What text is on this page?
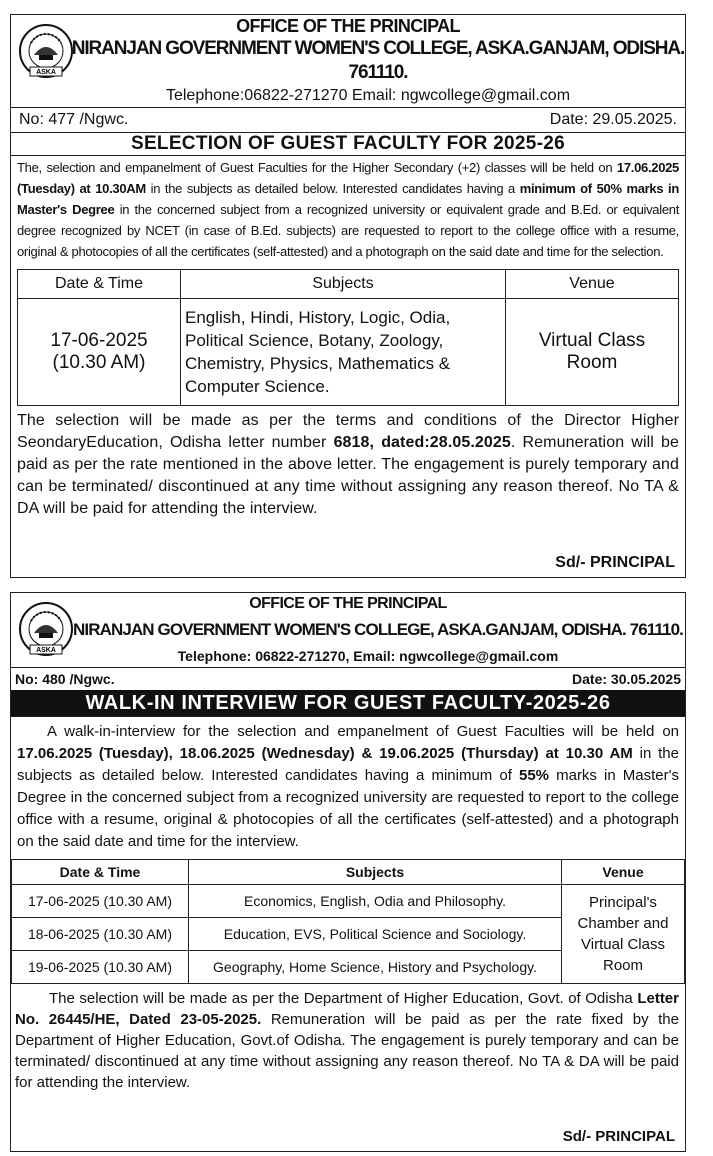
ASKA
OFFICE OF THE PRINCIPAL
NIRANJAN GOVERNMENT WOMEN'S COLLEGE, ASKA.GANJAM, ODISHA. 761110.
Telephone:06822-271270 Email: ngwcollege@gmail.com
No: 477 /Ngwc.	Date: 29.05.2025.
SELECTION OF GUEST FACULTY FOR 2025-26

The, selection and empanelment of Guest Faculties for the Higher Secondary (+2) classes will be held on 17.06.2025 (Tuesday) at 10.30AM in the subjects as detailed below. Interested candidates having a minimum of 50% marks in Master's Degree in the concerned subject from a recognized university or equivalent grade and B.Ed. or equivalent degree recognized by NCET (in case of B.Ed. subjects) are requested to report to the college office with a resume, original & photocopies of all the certificates (self-attested) and a photograph on the said date and time for the selection.

Date & Time	Subjects	Venue

17-06-2025
(10.30 AM)	English, Hindi, History, Logic, Odia, Political Science, Botany, Zoology, Chemistry, Physics, Mathematics & Computer Science.	Virtual Class Room

The selection will be made as per the terms and conditions of the Director Higher SeondaryEducation, Odisha letter number 6818, dated:28.05.2025. Remuneration will be paid as per the rate mentioned in the above letter. The engagement is purely temporary and can be terminated/ discontinued at any time without assigning any reason thereof. No TA & DA will be paid for attending the interview.

Sd/- PRINCIPAL
ASKA
OFFICE OF THE PRINCIPAL
NIRANJAN GOVERNMENT WOMEN'S COLLEGE, ASKA.GANJAM, ODISHA. 761110.
Telephone: 06822-271270, Email: ngwcollege@gmail.com
No: 480 /Ngwc.	Date: 30.05.2025
WALK-IN INTERVIEW FOR GUEST FACULTY-2025-26

A walk-in-interview for the selection and empanelment of Guest Faculties will be held on 17.06.2025 (Tuesday), 18.06.2025 (Wednesday) & 19.06.2025 (Thursday) at 10.30 AM in the subjects as detailed below. Interested candidates having a minimum of 55% marks in Master's Degree in the concerned subject from a recognized university are requested to report to the college office with a resume, original & photocopies of all the certificates (self-attested) and a photograph on the said date and time for the interview.

Date & Time	Subjects	Venue
17-06-2025 (10.30 AM)	Economics, English, Odia and Philosophy.	Principal's Chamber and Virtual Class Room
18-06-2025 (10.30 AM)	Education, EVS, Political Science and Sociology.	
19-06-2025 (10.30 AM)	Geography, Home Science, History and Psychology.	

The selection will be made as per the Department of Higher Education, Govt. of Odisha Letter No. 26445/HE, Dated 23-05-2025. Remuneration will be paid as per the rate fixed by the Department of Higher Education, Govt.of Odisha. The engagement is purely temporary and can be terminated/ discontinued at any time without assigning any reason thereof. No TA & DA will be paid for attending the interview.

Sd/- PRINCIPAL
